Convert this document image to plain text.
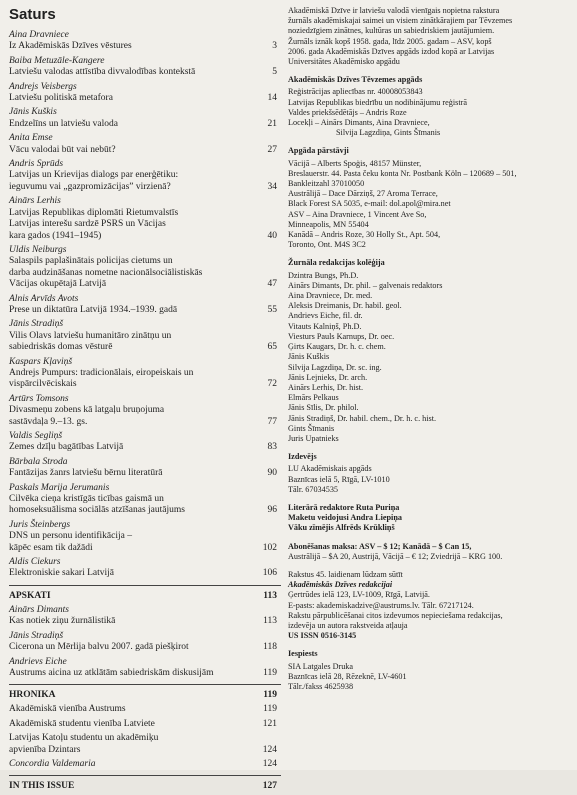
Saturs
Aina Dravniece
Iz Akadēmiskās Dzīves vēstures	3
Baiba Metuzāle-Kangere
Latviešu valodas attīstība divvalodības kontekstā	5
Andrejs Veisbergs
Latviešu politiskā metafora	14
Jānis Kuškis
Endzelīns un latviešu valoda	21
Anita Emse
Vācu valodai būt vai nebūt?	27
Andris Sprūds
Latvijas un Krievijas dialogs par enerģētiku:
ieguvumu vai „gazpromizācijas” virzienā?	34
Ainārs Lerhis
Latvijas Republikas diplomāti Rietumvalstīs
Latvijas interešu sardzē PSRS un Vācijas
kara gados (1941–1945)	40
Uldis Neiburgs
Salaspils paplašinātais policijas cietums un
darba audzināšanas nometne nacionālsociālistiskās
Vācijas okupētajā Latvijā	47
Alnis Arvīds Avots
Prese un diktatūra Latvijā 1934.–1939. gadā	55
Jānis Stradiņš
Vilis Olavs latviešu humanitāro zinātņu un
sabiedriskās domas vēsturē	65
Kaspars Kļaviņš
Andrejs Pumpurs: tradicionālais, eiropeiskais un
vispārcilvēciskais	72
Artūrs Tomsons
Divasmeņu zobens kā latgaļu bruņojuma
sastāvdaļa 9.–13. gs.	77
Valdis Segliņš
Zemes dzīļu bagātības Latvijā	83
Bārbala Stroda
Fantāzijas žanrs latviešu bērnu literatūrā	90
Paskals Marija Jerumanis
Cilvēka cieņa kristīgās ticības gaismā un
homoseksuālisma sociālās atzīšanas jautājums	96
Juris Šteinbergs
DNS un personu identifikācija –
kāpēc esam tik dažādi	102
Aldis Ciekurs
Elektroniskie sakari Latvijā	106
APSKATI	113
Ainārs Dimants
Kas notiek ziņu žurnālistikā	113
Jānis Stradiņš
Cicerona un Mērlija balvu 2007. gadā piešķirot	118
Andrievs Eiche
Austrums aicina uz atklātām sabiedriskām diskusijām	119
HRONIKA	119
Akadēmiskā vienība Austrums	119
Akadēmiskā studentu vienība Latviete	121
Latvijas Katoļu studentu un akadēmiķu
apvienība Dzintars	124
Concordia Valdemaria	124
IN THIS ISSUE	127
Akadēmiskā Dzīve ir latviešu valodā vienīgais nopietna rakstura
žurnāls akadēmiskajai saimei un visiem zinātkārajiem par Tēvzemes
noziedzīgiem zinātnes, kultūras un sabiedriskiem jautājumiem.
Žurnāls iznāk kopš 1958. gada, līdz 2005. gadam – ASV, kopš
2006. gada Akadēmiskās Dzīves apgāds izdod kopā ar Latvijas
Universitātes Akadēmisko apgādu
Akadēmiskās Dzīves Tēvzemes apgāds
Reģistrācijas apliecības nr. 40008053843
Latvijas Republikas biedrību un nodibinājumu reģistrā
Valdes priekšsēdētājs – Andris Roze
Locekļi – Ainārs Dimants, Aina Dravniece,
Silvija Lagzdiņa, Gints Šīmanis
Apgāda pārstāvji
Vācijā – Alberts Spoģis, 48157 Münster,
Breslauerstr. 44. Pasta čeku konta Nr. Postbank Köln – 120689 – 501,
Bankleitzahl 37010050
Austrālijā – Dace Dārziņš, 27 Aroma Terrace,
Black Forest SA 5035, e-mail: dol.apol@mira.net
ASV – Aina Dravniece, 1 Vincent Ave So,
Minneapolis, MN 55404
Kanādā – Andris Roze, 30 Holly St., Apt. 504,
Toronto, Ont. M4S 3C2
Žurnāla redakcijas kolēģija
Dzintra Bungs, Ph.D.
Ainārs Dimants, Dr. phil. – galvenais redaktors
Aina Dravniece, Dr. med.
Aleksis Dreimanis, Dr. habil. geol.
Andrievs Eiche, fil. dr.
Vitauts Kalniņš, Ph.D.
Viesturs Pauls Karnups, Dr. oec.
Ģirts Kaugars, Dr. h. c. chem.
Jānis Kuškis
Silvija Lagzdiņa, Dr. sc. ing.
Jānis Lejnieks, Dr. arch.
Ainārs Lerhis, Dr. hist.
Elmārs Pelkaus
Jānis Sīlis, Dr. philol.
Jānis Stradiņš, Dr. habil. chem., Dr. h. c. hist.
Gints Šīmanis
Juris Upatnieks
Izdevējs
LU Akadēmiskais apgāds
Baznīcas ielā 5, Rīgā, LV-1010
Tālr. 67034535
Literārā redaktore Ruta Puriņa
Maketu veidojusi Andra Liepiņa
Vāku zīmējis Alfrēds Krūkliņš
Abonēšanas maksa: ASV – $ 12; Kanādā – $ Can 15,
Austrālijā – $A 20, Austrijā, Vācijā – € 12; Zviedrijā – KRG 100.
Rakstus 45. laidienam lūdzam sūtīt
Akadēmiskās Dzīves redakcijai
Ģertrūdes ielā 123, LV-1009, Rīgā, Latvijā.
E-pasts: akademiskadzive@austrums.lv. Tālr. 67217124.
Rakstu pārpublicēšanai citos izdevumos nepieciešama redakcijas,
izdevēja un autora rakstveida atļauja
US ISSN 0516-3145
Iespiests
SIA Latgales Druka
Baznīcas ielā 28, Rēzeknē, LV-4601
Tālr./fakss 4625938
